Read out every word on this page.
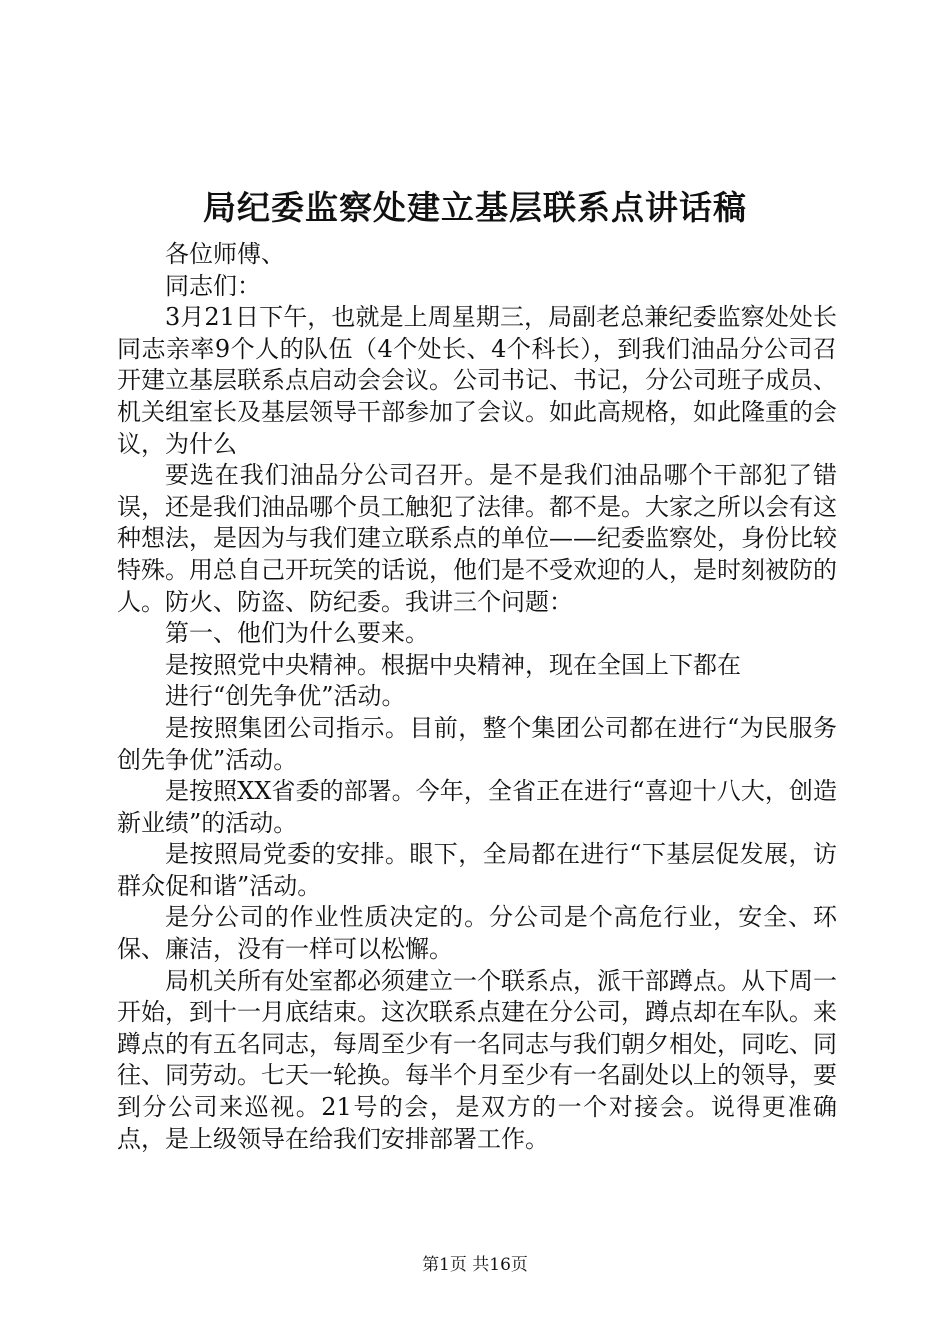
局纪委监察处建立基层联系点讲话稿

各位师傅、

同志们：

3月21日下午，也就是上周星期三，局副老总兼纪委监察处处长同志亲率9个人的队伍（4个处长、4个科长），到我们油品分公司召开建立基层联系点启动会会议。公司书记、书记，分公司班子成员、机关组室长及基层领导干部参加了会议。如此高规格，如此隆重的会议，为什么

要选在我们油品分公司召开。是不是我们油品哪个干部犯了错误，还是我们油品哪个员工触犯了法律。都不是。大家之所以会有这种想法，是因为与我们建立联系点的单位——纪委监察处，身份比较特殊。用总自己开玩笑的话说，他们是不受欢迎的人，是时刻被防的人。防火、防盗、防纪委。我讲三个问题：

第一、他们为什么要来。

是按照党中央精神。根据中央精神，现在全国上下都在

进行“创先争优”活动。

是按照集团公司指示。目前，整个集团公司都在进行“为民服务创先争优”活动。

是按照XX省委的部署。今年，全省正在进行“喜迎十八大，创造新业绩”的活动。

是按照局党委的安排。眼下，全局都在进行“下基层促发展，访群众促和谐”活动。

是分公司的作业性质决定的。分公司是个高危行业，安全、环保、廉洁，没有一样可以松懈。

局机关所有处室都必须建立一个联系点，派干部蹲点。从下周一开始，到十一月底结束。这次联系点建在分公司，蹲点却在车队。来蹲点的有五名同志，每周至少有一名同志与我们朝夕相处，同吃、同往、同劳动。七天一轮换。每半个月至少有一名副处以上的领导，要到分公司来巡视。21号的会，是双方的一个对接会。说得更准确点，是上级领导在给我们安排部署工作。

第1页 共16页
